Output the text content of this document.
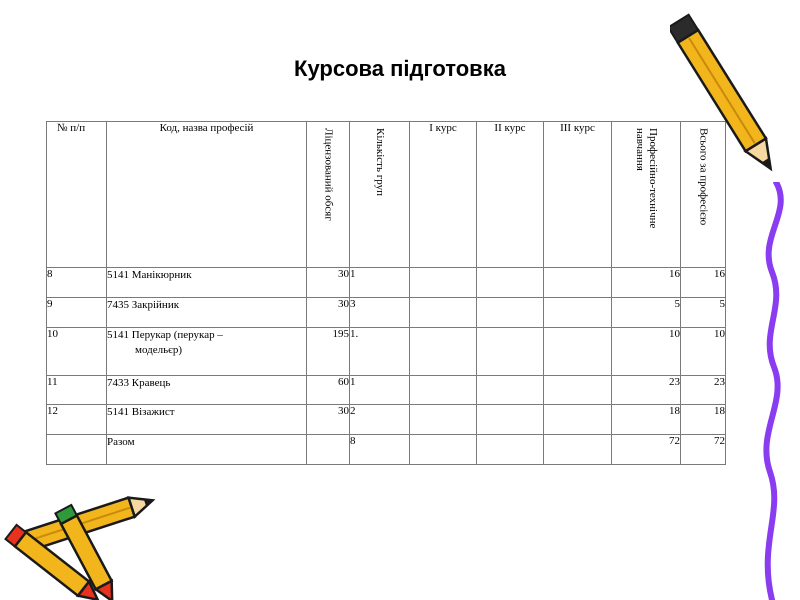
Курсова підготовка
№ п/п	Код, назва професій	Ліцензований обсяг	Кількість груп	І курс	ІІ курс	ІІІ курс	Професійно-технічне навчання	Всього за професією

8	5141 Манікюрник	30	1				16	16
9	7435 Закрійник	30	3				5	5
10	5141 Перукар (перукар –
модельєр)	195	1.				10	10
11	7433 Кравець	60	1				23	23
12	5141 Візажист	30	2				18	18
	Разом		8				72	72
